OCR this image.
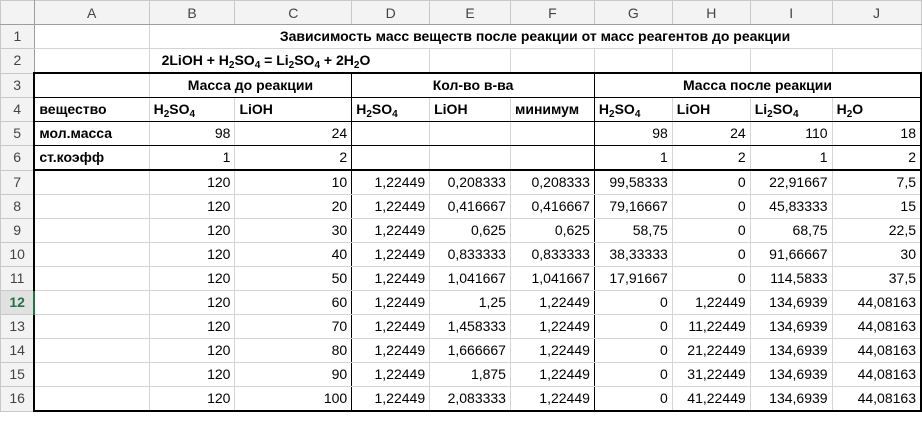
	A	B	C	D	E	F	G	H	I	J
1		Зависимость масс веществ после реакции от масс реагентов до реакции								
2		2LiOH + $H_2SO_4 = Li_2SO_4 + 2H_2O$								
3		Масса до реакции		Кол-во в-ва			Масса после реакции			
4	вещество	$H_2SO_4$	LiOH	$H_2SO_4$	LiOH	минимум	$H_2SO_4$	LiOH	$Li_2SO_4$	$H_2O$
5	мол.масса	98	24				98	24	110	18
6	ст.коэфф	1	2				1	2	1	2
7		120	10	1,22449	0,208333	0,208333	99,58333	0	22,91667	7,5
8		120	20	1,22449	0,416667	0,416667	79,16667	0	45,83333	15
9		120	30	1,22449	0,625	0,625	58,75	0	68,75	22,5
10		120	40	1,22449	0,833333	0,833333	38,33333	0	91,66667	30
11		120	50	1,22449	1,041667	1,041667	17,91667	0	114,5833	37,5
12		120	60	1,22449	1,25	1,22449	0	1,22449	134,6939	44,08163
13		120	70	1,22449	1,458333	1,22449	0	11,22449	134,6939	44,08163
14		120	80	1,22449	1,666667	1,22449	0	21,22449	134,6939	44,08163
15		120	90	1,22449	1,875	1,22449	0	31,22449	134,6939	44,08163
16		120	100	1,22449	2,083333	1,22449	0	41,22449	134,6939	44,08163
